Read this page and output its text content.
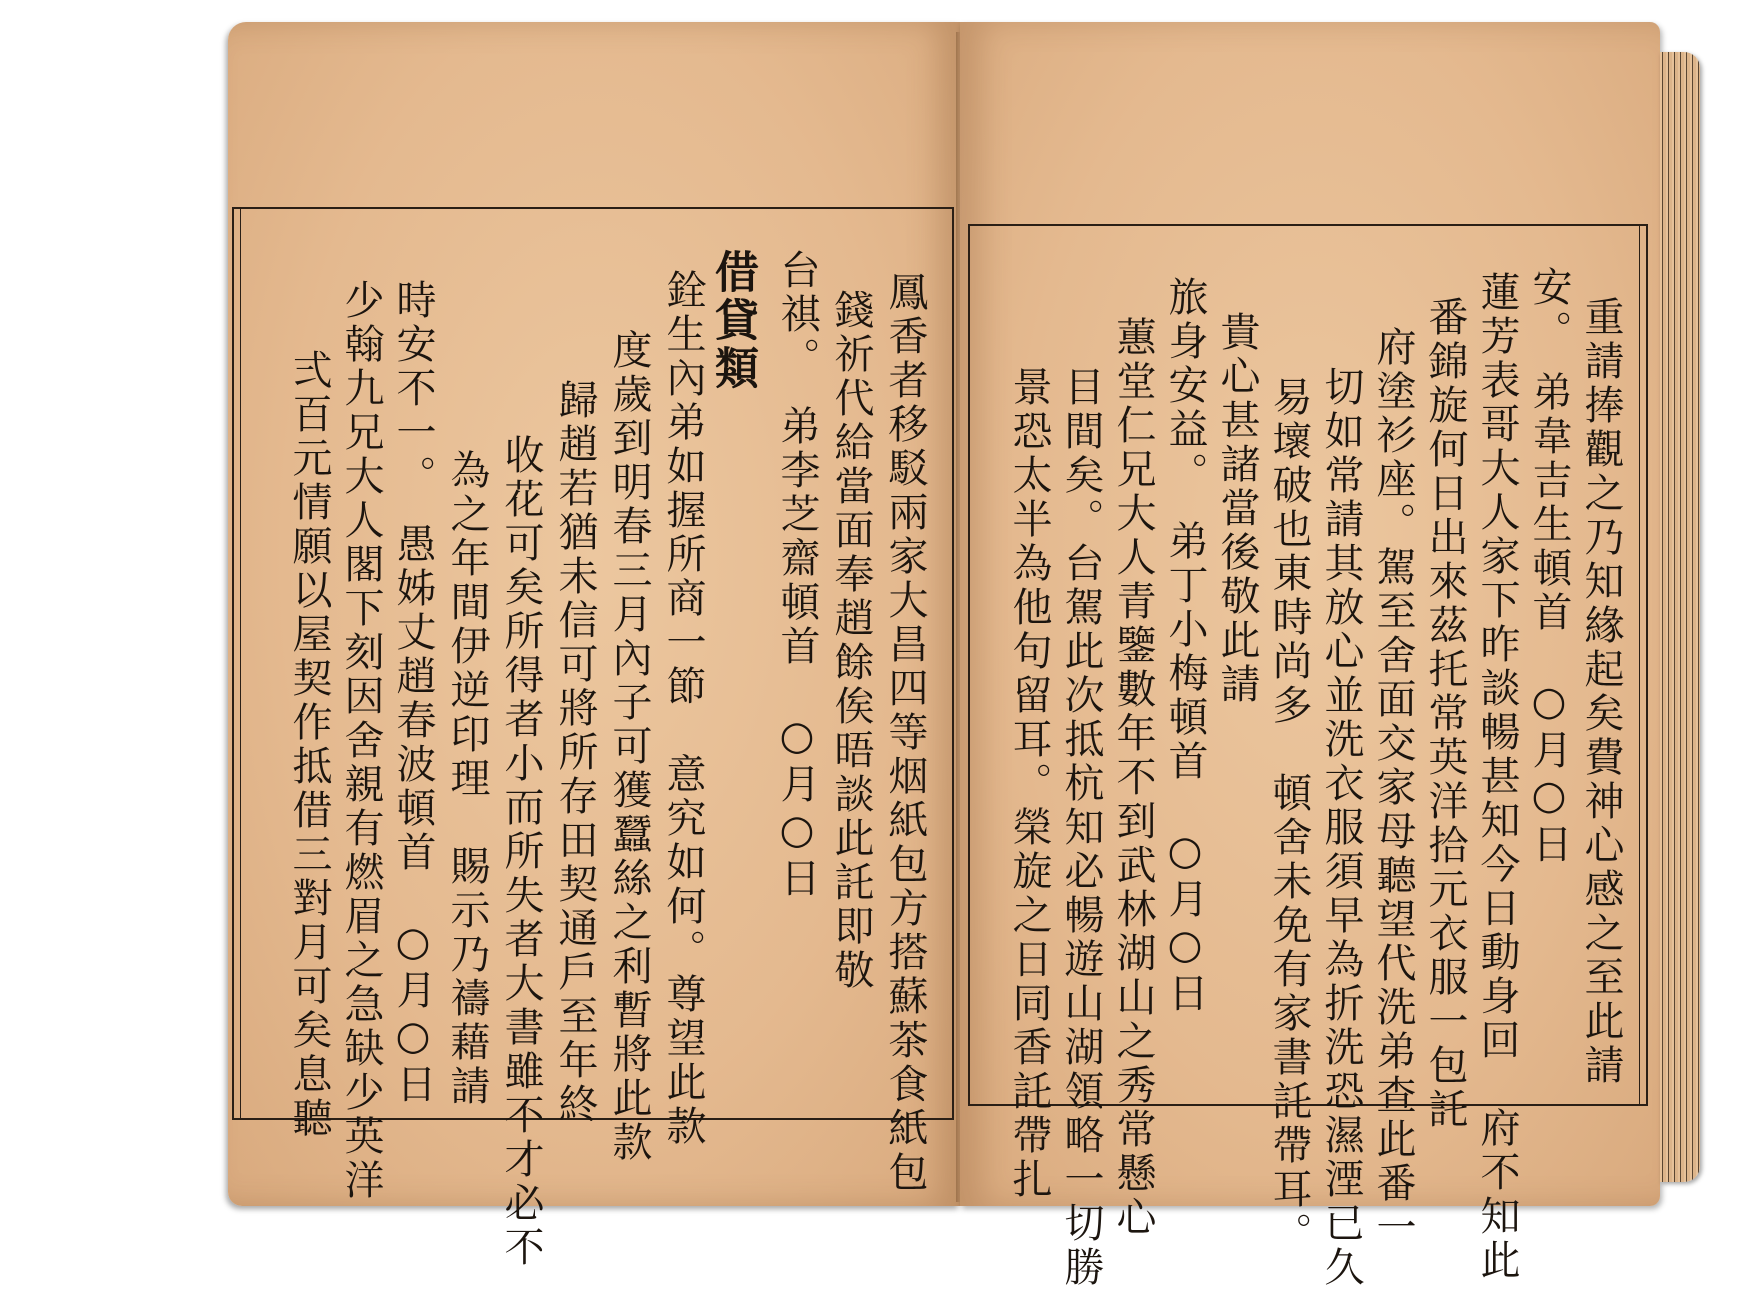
鳳香者移駁兩家大昌四等烟紙包方搭蘇茶食紙包
錢祈代給當面奉趙餘俟晤談此託即敬
台祺。　弟李芝齋頓首　○月○日
借貸類
銓生內弟如握所商一節　意究如何。尊望此款
度歲到明春三月內子可獲蠶絲之利暫將此款
歸趙若猶未信可將所存田契通戶至年終
收花可矣所得者小而所失者大書雖不才必不
為之年間伊逆印理　賜示乃禱藉請
時安不一。　愚姊丈趙春波頓首　○月○日
少翰九兄大人閣下刻因舍親有燃眉之急缺少英洋
弍百元情願以屋契作抵借三對月可矣息聽	重請捧觀之乃知緣起矣費神心感之至此請
安。 弟韋吉生頓首　○月○日
蓮芳表哥大人家下昨談暢甚知今日動身回　府不知此
番錦旋何日出來茲托常英洋拾元衣服一包託
府塗衫座。駕至舍面交家母聽望代洗弟查此番一
切如常請其放心並洗衣服須早為折洗恐濕湮已久
易壞破也東時尚多　頓舍未免有家書託帶耳。
貴心甚諸當後敬此請
旅身安益。　弟丁小梅頓首　○月○日
蕙堂仁兄大人青鑒數年不到武林湖山之秀常懸心
目間矣。台駕此次抵杭知必暢遊山湖領略一切勝
景恐太半為他句留耳。榮旋之日同香託帶扎
